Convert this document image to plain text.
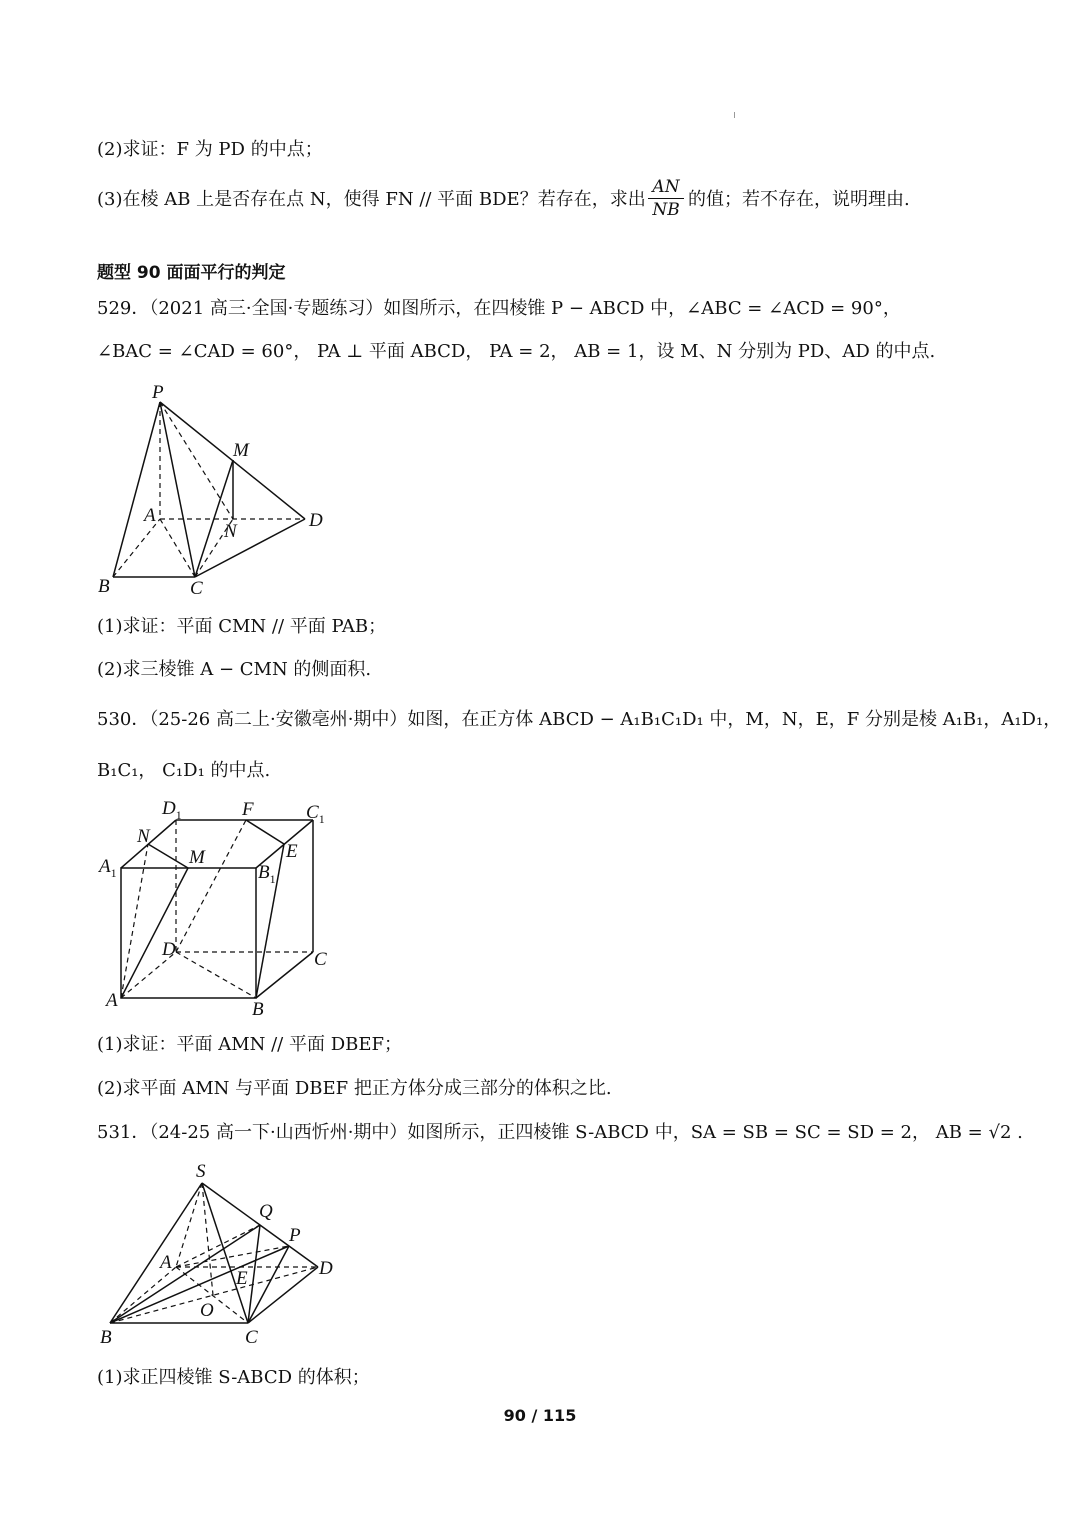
(2)求证：F 为 PD 的中点；
(3)在棱 AB 上是否存在点 N，使得 FN // 平面 BDE？若存在，求出 $\frac{AN}{NB}$ 的值；若不存在，说明理由.
题型 90 面面平行的判定
529．（2021 高三·全国·专题练习）如图所示，在四棱锥 P − ABCD 中，∠ABC = ∠ACD = 90°，
∠BAC = ∠CAD = 60°， PA ⊥ 平面 ABCD， PA = 2， AB = 1，设 M、N 分别为 PD、AD 的中点.
P
M
A
N
D
B	C
(1)求证：平面 CMN // 平面 PAB；
(2)求三棱锥 A − CMN 的侧面积.
530．（25-26 高二上·安徽亳州·期中）如图，在正方体 ABCD − A₁B₁C₁D₁ 中，M，N，E，F 分别是棱 A₁B₁，A₁D₁，
B₁C₁， C₁D₁ 的中点.
$D_1$	F	$C_1$
N
M	E
$A_1$	$B_1$
D	C
A	B
(1)求证：平面 AMN // 平面 DBEF；
(2)求平面 AMN 与平面 DBEF 把正方体分成三部分的体积之比.
531．（24-25 高一下·山西忻州·期中）如图所示，正四棱锥 S-ABCD 中，SA = SB = SC = SD = 2， AB = √2 .
S
Q
P
A	D
E
O
B	C
(1)求正四棱锥 S-ABCD 的体积；
90 / 115
